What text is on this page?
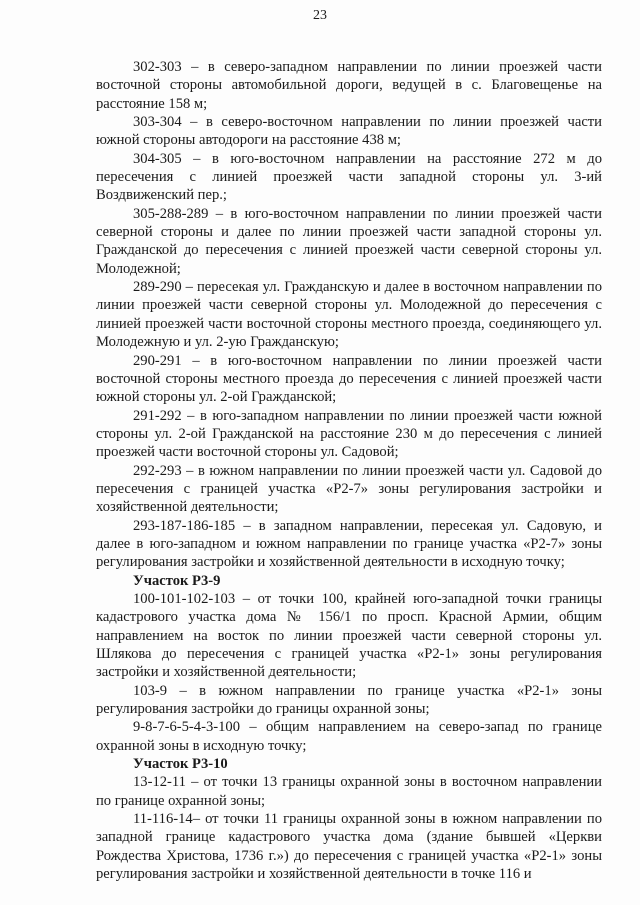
23

302-303 – в северо-западном направлении по линии проезжей части восточной стороны автомобильной дороги, ведущей в с. Благовещенье на расстояние 158 м;

303-304 – в северо-восточном направлении по линии проезжей части южной стороны автодороги на расстояние 438 м;

304-305 – в юго-восточном направлении на расстояние 272 м до пересечения с линией проезжей части западной стороны ул. 3-ий Воздвиженский пер.;

305-288-289 – в юго-восточном направлении по линии проезжей части северной стороны и далее по линии проезжей части западной стороны ул. Гражданской до пересечения с линией проезжей части северной стороны ул. Молодежной;

289-290 – пересекая ул. Гражданскую и далее в восточном направлении по линии проезжей части северной стороны ул. Молодежной до пересечения с линией проезжей части восточной стороны местного проезда, соединяющего ул. Молодежную и ул. 2-ую Гражданскую;

290-291 – в юго-восточном направлении по линии проезжей части восточной стороны местного проезда до пересечения с линией проезжей части южной стороны ул. 2-ой Гражданской;

291-292 – в юго-западном направлении по линии проезжей части южной стороны ул. 2-ой Гражданской на расстояние 230 м до пересечения с линией проезжей части восточной стороны ул. Садовой;

292-293 – в южном направлении по линии проезжей части ул. Садовой до пересечения с границей участка «Р2-7» зоны регулирования застройки и хозяйственной деятельности;

293-187-186-185 – в западном направлении, пересекая ул. Садовую, и далее в юго-западном и южном направлении по границе участка «Р2-7» зоны регулирования застройки и хозяйственной деятельности в исходную точку;

Участок Р3-9

100-101-102-103 – от точки 100, крайней юго-западной точки границы кадастрового участка дома № 156/1 по просп. Красной Армии, общим направлением на восток по линии проезжей части северной стороны ул. Шлякова до пересечения с границей участка «Р2-1» зоны регулирования застройки и хозяйственной деятельности;

103-9 – в южном направлении по границе участка «Р2-1» зоны регулирования застройки до границы охранной зоны;

9-8-7-6-5-4-3-100 – общим направлением на северо-запад по границе охранной зоны в исходную точку;

Участок Р3-10

13-12-11 – от точки 13 границы охранной зоны в восточном направлении по границе охранной зоны;

11-116-14– от точки 11 границы охранной зоны в южном направлении по западной границе кадастрового участка дома (здание бывшей «Церкви Рождества Христова, 1736 г.») до пересечения с границей участка «Р2-1» зоны регулирования застройки и хозяйственной деятельности в точке 116 и
